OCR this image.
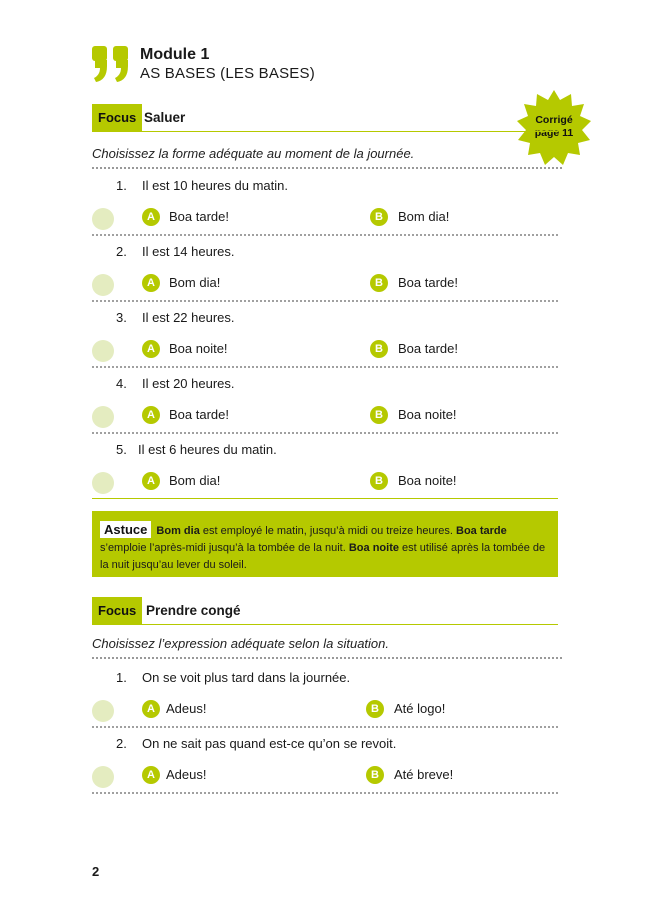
Module 1
AS BASES (LES BASES)
Corrigé
page 11
Focus Saluer
Choisissez la forme adéquate au moment de la journée.
1. Il est 10 heures du matin.
A	Boa tarde!	B	Bom dia!
2. Il est 14 heures.
A	Bom dia!	B	Boa tarde!
3. Il est 22 heures.
A	Boa noite!	B	Boa tarde!
4. Il est 20 heures.
A	Boa tarde!	B	Boa noite!
5. Il est 6 heures du matin.
A	Bom dia!	B	Boa noite!
Astuce Bom dia est employé le matin, jusqu’à midi ou treize heures. Boa tarde s’emploie l’après-midi jusqu’à la tombée de la nuit. Boa noite est utilisé après la tombée de la nuit jusqu’au lever du soleil.
Focus Prendre congé
Choisissez l’expression adéquate selon la situation.
1. On se voit plus tard dans la journée.
A Adeus!	B	Até logo!
2. On ne sait pas quand est-ce qu’on se revoit.
A Adeus!	B	Até breve!
2
